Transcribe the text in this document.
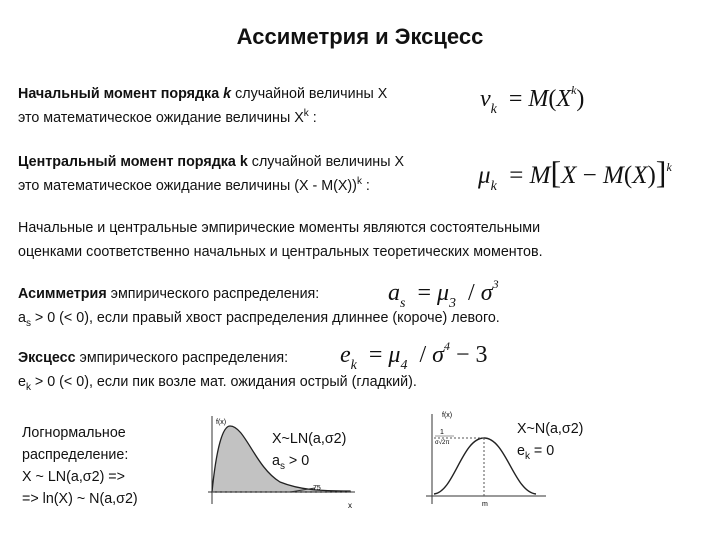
Ассиметрия и Эксцесс
Начальный момент порядка k случайной величины Х
это математическое ожидание величины $Х^k$ :
$v_k = M(X^k)$
Центральный момент порядка k случайной величины Х
это математическое ожидание величины (Х - М(Х))$^k$ :	$\mu_k = M[X - M(X)]^k$
Начальные и центральные эмпирические моменты являются состоятельными
оценками соответственно начальных и центральных теоретических моментов.
Асимметрия эмпирического распределения:
$a_s > 0$ (< 0), если правый хвост распределения длиннее (короче) левого.
$a_s = \mu_3 / \sigma^3$
Эксцесс эмпирического распределения:
$e_k > 0$ (< 0), если пик возле мат. ожидания острый (гладкий).
$e_k = \mu_4 / \sigma^4 - 3$
Логнормальное
распределение:
Х ~ LN(a,σ2) =>
=> ln(X) ~ N(a,σ2)
f(x)
75
x
X~LN(a,σ2)
$a_s > 0$
f(x)
1
σ√2π
m
X~N(a,σ2)
$e_k = 0$
